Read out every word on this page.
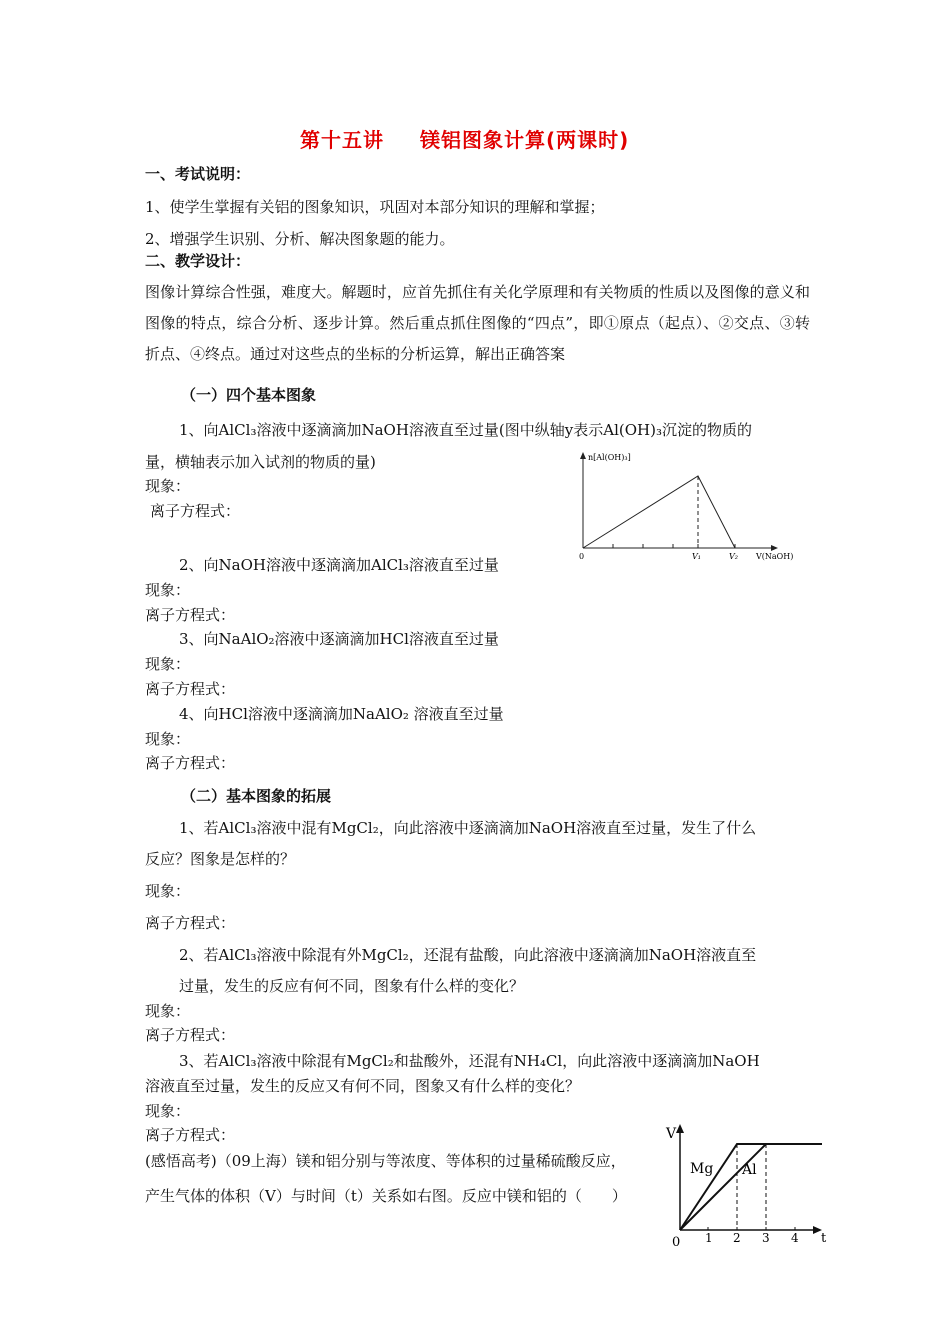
第十五讲 镁铝图象计算(两课时)
一、考试说明：
1、使学生掌握有关铝的图象知识，巩固对本部分知识的理解和掌握；
2、增强学生识别、分析、解决图象题的能力。
二、教学设计：
图像计算综合性强，难度大。解题时，应首先抓住有关化学原理和有关物质的性质以及图像的意义和图像的特点，综合分析、逐步计算。然后重点抓住图像的“四点”，即①原点（起点）、②交点、③转折点、④终点。通过对这些点的坐标的分析运算，解出正确答案
（一）四个基本图象
1、向AlCl₃溶液中逐滴滴加NaOH溶液直至过量(图中纵轴y表示Al(OH)₃沉淀的物质的
量，横轴表示加入试剂的物质的量)
现象：
离子方程式：
n[Al(OH)₃]
0	V₁	V₂ V(NaOH)
2、向NaOH溶液中逐滴滴加AlCl₃溶液直至过量
现象：
离子方程式：
3、向NaAlO₂溶液中逐滴滴加HCl溶液直至过量
现象：
离子方程式：
4、向HCl溶液中逐滴滴加NaAlO₂ 溶液直至过量
现象：
离子方程式：
（二）基本图象的拓展
1、若AlCl₃溶液中混有MgCl₂，向此溶液中逐滴滴加NaOH溶液直至过量，发生了什么
反应？图象是怎样的？
现象：
离子方程式：
2、若AlCl₃溶液中除混有外MgCl₂，还混有盐酸，向此溶液中逐滴滴加NaOH溶液直至
过量，发生的反应有何不同，图象有什么样的变化？
现象：
离子方程式：
3、若AlCl₃溶液中除混有MgCl₂和盐酸外，还混有NH₄Cl，向此溶液中逐滴滴加NaOH
溶液直至过量，发生的反应又有何不同，图象又有什么样的变化？
现象：
离子方程式：
(感悟高考)（09上海）镁和铝分别与等浓度、等体积的过量稀硫酸反应，
产生气体的体积（V）与时间（t）关系如右图。反应中镁和铝的（　　）
V
t
0 1 2 3 4
Mg Al
